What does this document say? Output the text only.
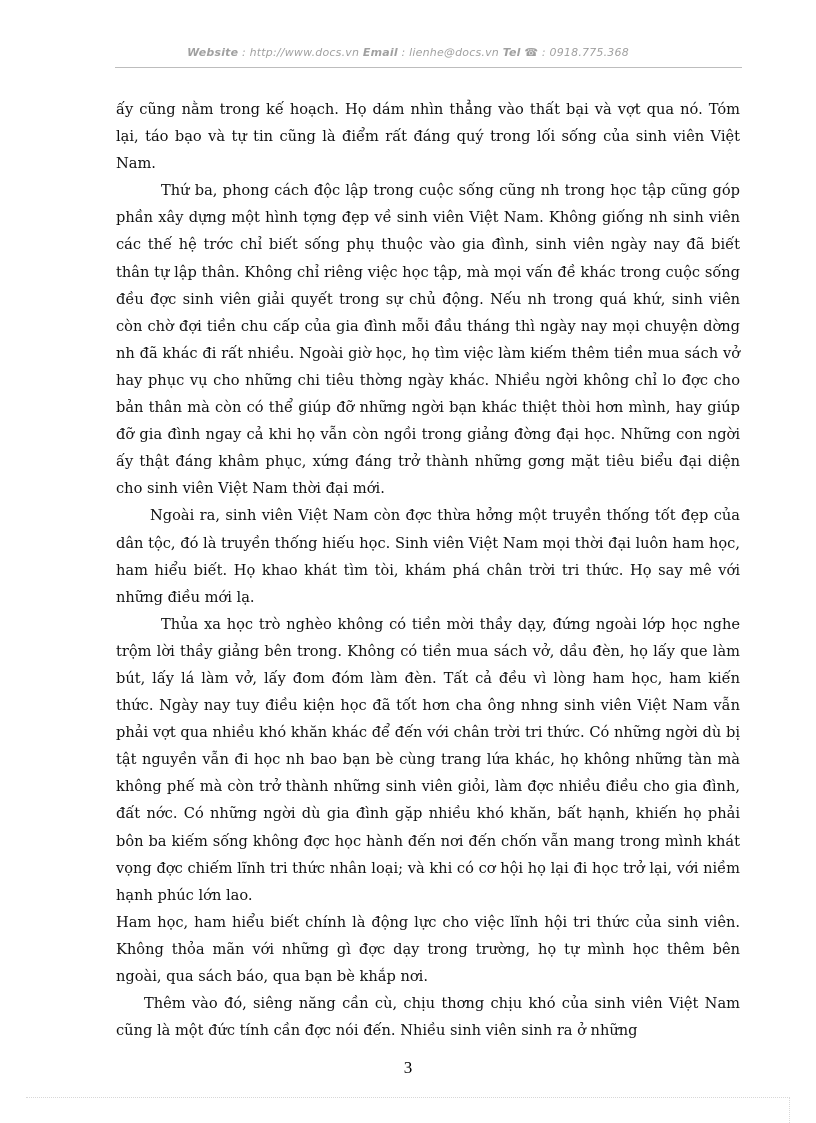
Website : http://www.docs.vn Email : lienhe@docs.vn Tel ☎ : 0918.775.368

ấy cũng nằm trong kế hoạch. Họ dám nhìn thẳng vào thất bại và vợt qua nó. Tóm lại, táo bạo và tự tin cũng là điểm rất đáng quý trong lối sống của sinh viên Việt Nam.

Thứ ba, phong cách độc lập trong cuộc sống cũng nh trong học tập cũng góp phần xây dựng một hình tợng đẹp về sinh viên Việt Nam. Không giống nh sinh viên các thế hệ trớc chỉ biết sống phụ thuộc vào gia đình, sinh viên ngày nay đã biết thân tự lập thân. Không chỉ riêng việc học tập, mà mọi vấn đề khác trong cuộc sống đều đợc sinh viên giải quyết trong sự chủ động. Nếu nh trong quá khứ, sinh viên còn chờ đợi tiền chu cấp của gia đình mỗi đầu tháng thì ngày nay mọi chuyện dờng nh đã khác đi rất nhiều. Ngoài giờ học, họ tìm việc làm kiếm thêm tiền mua sách vở hay phục vụ cho những chi tiêu thờng ngày khác. Nhiều ngời không chỉ lo đợc cho bản thân mà còn có thể giúp đỡ những ngời bạn khác thiệt thòi hơn mình, hay giúp đỡ gia đình ngay cả khi họ vẫn còn ngồi trong giảng đờng đại học. Những con ngời ấy thật đáng khâm phục, xứng đáng trở thành những gơng mặt tiêu biểu đại diện cho sinh viên Việt Nam thời đại mới.

Ngoài ra, sinh viên Việt Nam còn đợc thừa hởng một truyền thống tốt đẹp của dân tộc, đó là truyền thống hiếu học. Sinh viên Việt Nam mọi thời đại luôn ham học, ham hiểu biết. Họ khao khát tìm tòi, khám phá chân trời tri thức. Họ say mê với những điều mới lạ.

Thủa xa học trò nghèo không có tiền mời thầy dạy, đứng ngoài lớp học nghe trộm lời thầy giảng bên trong. Không có tiền mua sách vở, dầu đèn, họ lấy que làm bút, lấy lá làm vở, lấy đom đóm làm đèn. Tất cả đều vì lòng ham học, ham kiến thức. Ngày nay tuy điều kiện học đã tốt hơn cha ông nhng sinh viên Việt Nam vẫn phải vợt qua nhiều khó khăn khác để đến với chân trời tri thức. Có những ngời dù bị tật nguyền vẫn đi học nh bao bạn bè cùng trang lứa khác, họ không những tàn mà không phế mà còn trở thành những sinh viên giỏi, làm đợc nhiều điều cho gia đình, đất nớc. Có những ngời dù gia đình gặp nhiều khó khăn, bất hạnh, khiến họ phải bôn ba kiếm sống không đợc học hành đến nơi đến chốn vẫn mang trong mình khát vọng đợc chiếm lĩnh tri thức nhân loại; và khi có cơ hội họ lại đi học trở lại, với niềm hạnh phúc lớn lao.

Ham học, ham hiểu biết chính là động lực cho việc lĩnh hội tri thức của sinh viên. Không thỏa mãn với những gì đợc dạy trong trường, họ tự mình học thêm bên ngoài, qua sách báo, qua bạn bè khắp nơi.

Thêm vào đó, siêng năng cần cù, chịu thơng chịu khó của sinh viên Việt Nam cũng là một đức tính cần đợc nói đến. Nhiều sinh viên sinh ra ở những

3
